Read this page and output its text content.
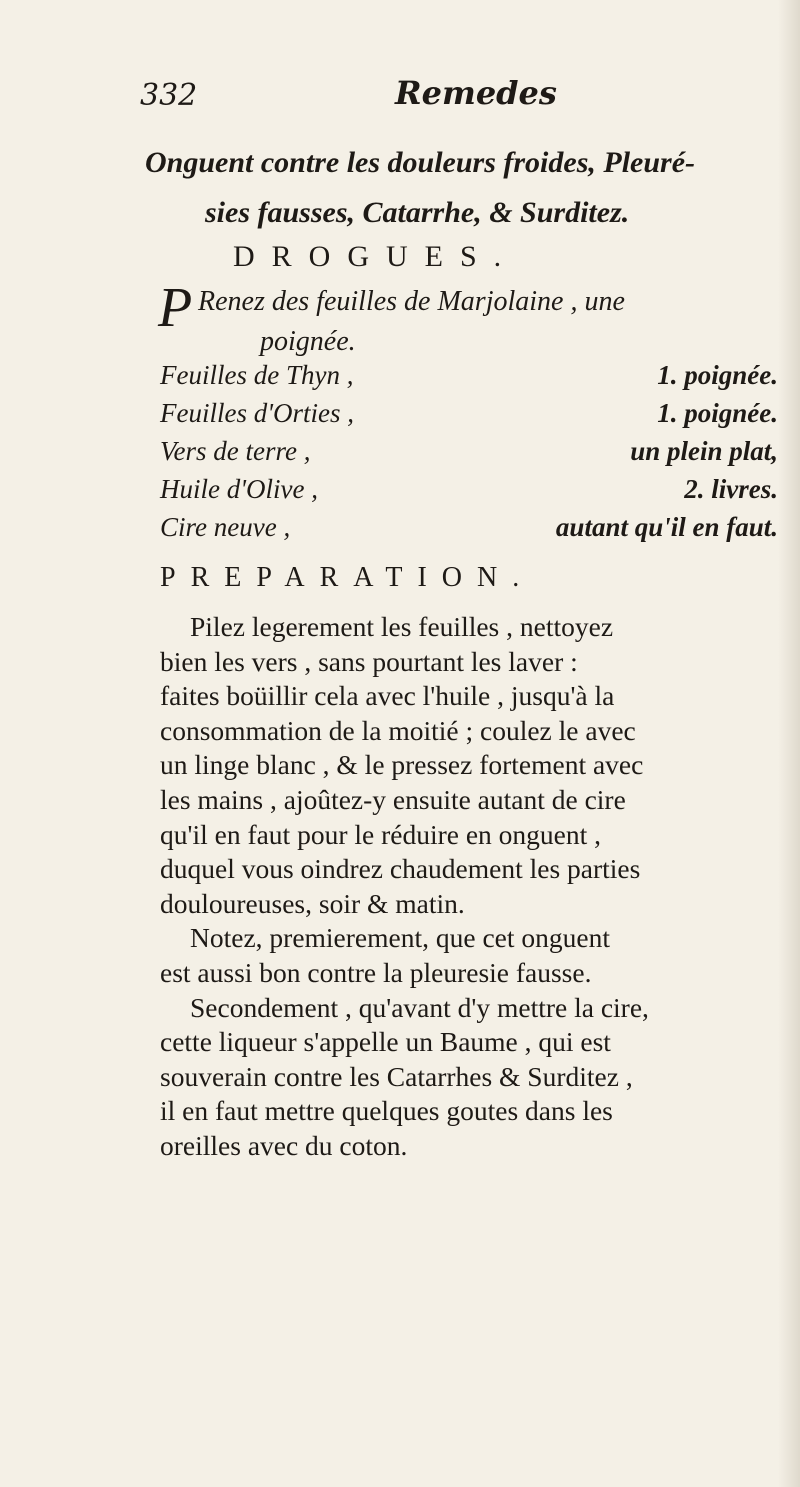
332	Remedes
Onguent contre les douleurs froides, Pleuré-
sies fausses, Catarrhe, & Surditez.
DROGUES.
P Renez des feuilles de Marjolaine , une
poignée.
Feuilles de Thyn ,	1. poignée.
Feuilles d'Orties ,	1. poignée.
Vers de terre ,	un plein plat,
Huile d'Olive ,	2. livres.
Cire neuve ,	autant qu'il en faut.
PREPARATION.

Pilez legerement les feuilles , nettoyez
bien les vers , sans pourtant les laver :
faites boüillir cela avec l'huile , jusqu'à la
consommation de la moitié ; coulez le avec
un linge blanc , & le pressez fortement avec
les mains , ajoûtez-y ensuite autant de cire
qu'il en faut pour le réduire en onguent ,
duquel vous oindrez chaudement les parties
douloureuses, soir & matin.

Notez, premierement, que cet onguent
est aussi bon contre la pleuresie fausse.

Secondement , qu'avant d'y mettre la cire,
cette liqueur s'appelle un Baume , qui est
souverain contre les Catarrhes & Surditez ,
il en faut mettre quelques goutes dans les
oreilles avec du coton.
